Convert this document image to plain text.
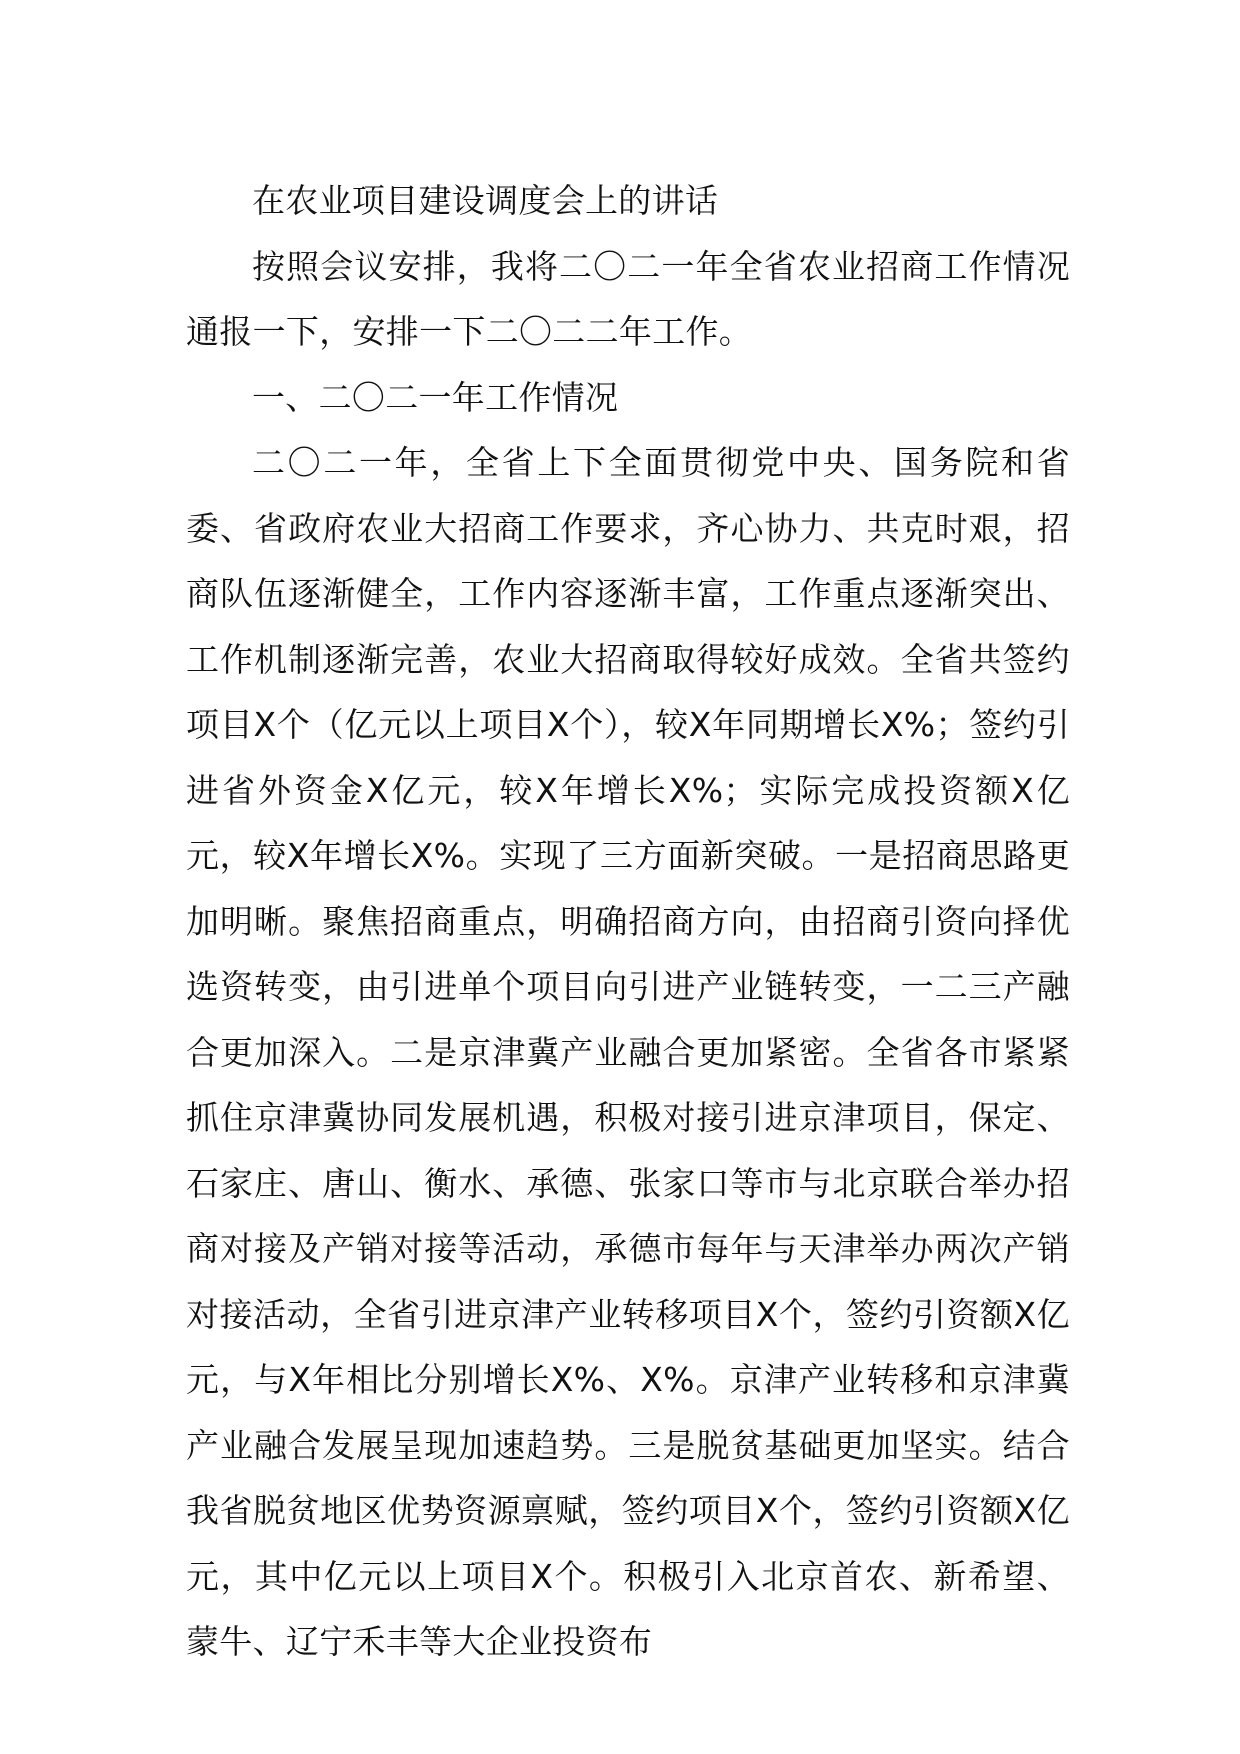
在农业项目建设调度会上的讲话

按照会议安排，我将二〇二一年全省农业招商工作情况通报一下，安排一下二〇二二年工作。

一、二〇二一年工作情况

二〇二一年，全省上下全面贯彻党中央、国务院和省委、省政府农业大招商工作要求，齐心协力、共克时艰，招商队伍逐渐健全，工作内容逐渐丰富，工作重点逐渐突出、工作机制逐渐完善，农业大招商取得较好成效。全省共签约项目X个（亿元以上项目X个），较X年同期增长X%；签约引进省外资金X亿元，较X年增长X%；实际完成投资额X亿元，较X年增长X%。实现了三方面新突破。一是招商思路更加明晰。聚焦招商重点，明确招商方向，由招商引资向择优选资转变，由引进单个项目向引进产业链转变，一二三产融合更加深入。二是京津冀产业融合更加紧密。全省各市紧紧抓住京津冀协同发展机遇，积极对接引进京津项目，保定、石家庄、唐山、衡水、承德、张家口等市与北京联合举办招商对接及产销对接等活动，承德市每年与天津举办两次产销对接活动，全省引进京津产业转移项目X个，签约引资额X亿元，与X年相比分别增长X%、X%。京津产业转移和京津冀产业融合发展呈现加速趋势。三是脱贫基础更加坚实。结合我省脱贫地区优势资源禀赋，签约项目X个，签约引资额X亿元，其中亿元以上项目X个。积极引入北京首农、新希望、蒙牛、辽宁禾丰等大企业投资布
